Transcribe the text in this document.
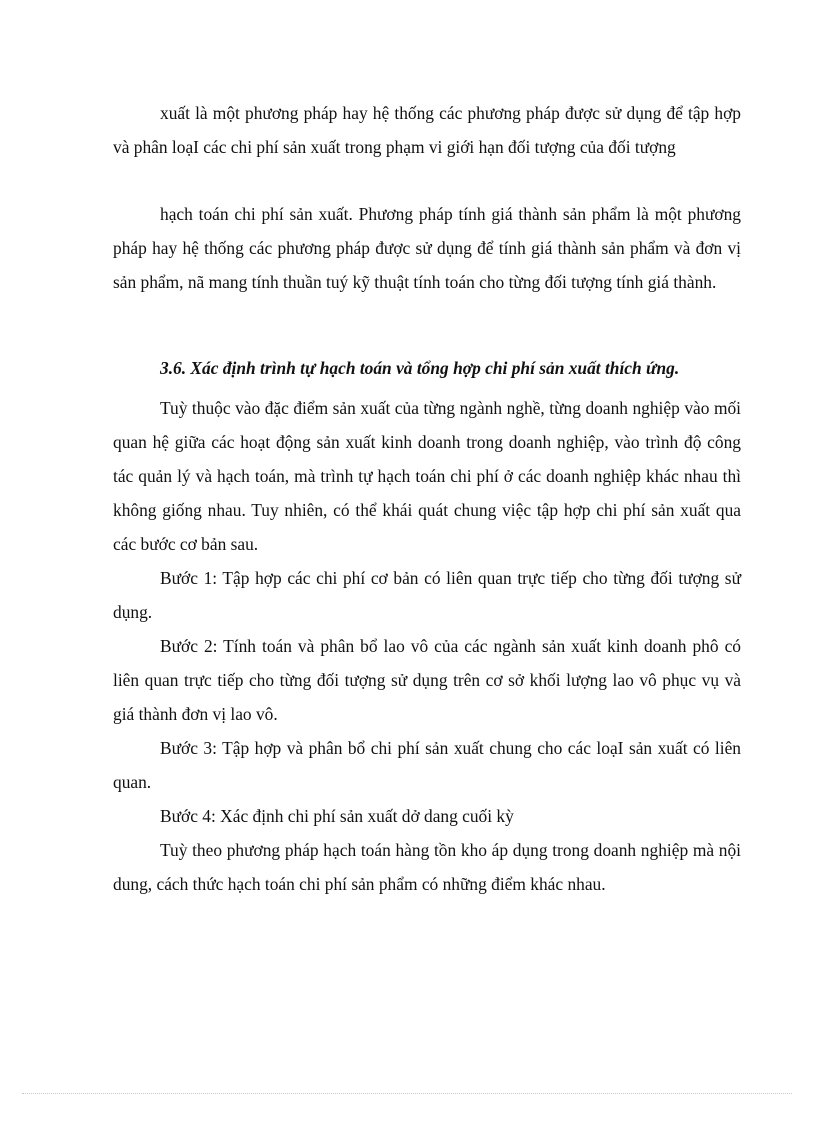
xuất là một phương pháp hay hệ thống các phương pháp được sử dụng để tập hợp và phân loạI các chi phí sản xuất trong phạm vi giới hạn đối tượng của đối tượng

hạch toán chi phí sản xuất. Phương pháp tính giá thành sản phẩm là một phương pháp hay hệ thống các phương pháp được sử dụng để tính giá thành sản phẩm và đơn vị sản phẩm, nã mang tính thuần tuý kỹ thuật tính toán cho từng đối tượng tính giá thành.

3.6. Xác định trình tự hạch toán và tổng hợp chi phí sản xuất thích ứng.

Tuỳ thuộc vào đặc điểm sản xuất của từng ngành nghề, từng doanh nghiệp vào mối quan hệ giữa các hoạt động sản xuất kinh doanh trong doanh nghiệp, vào trình độ công tác quản lý và hạch toán, mà trình tự hạch toán chi phí ở các doanh nghiệp khác nhau thì không giống nhau. Tuy nhiên, có thể khái quát chung việc tập hợp chi phí sản xuất qua các bước cơ bản sau.

Bước 1: Tập hợp các chi phí cơ bản có liên quan trực tiếp cho từng đối tượng sử dụng.

Bước 2: Tính toán và phân bổ lao vô của các ngành sản xuất kinh doanh phô có liên quan trực tiếp cho từng đối tượng sử dụng trên cơ sở khối lượng lao vô phục vụ và giá thành đơn vị lao vô.

Bước 3: Tập hợp và phân bổ chi phí sản xuất chung cho các loạI sản xuất có liên quan.

Bước 4: Xác định chi phí sản xuất dở dang cuối kỳ

Tuỳ theo phương pháp hạch toán hàng tồn kho áp dụng trong doanh nghiệp mà nội dung, cách thức hạch toán chi phí sản phẩm có những điểm khác nhau.
